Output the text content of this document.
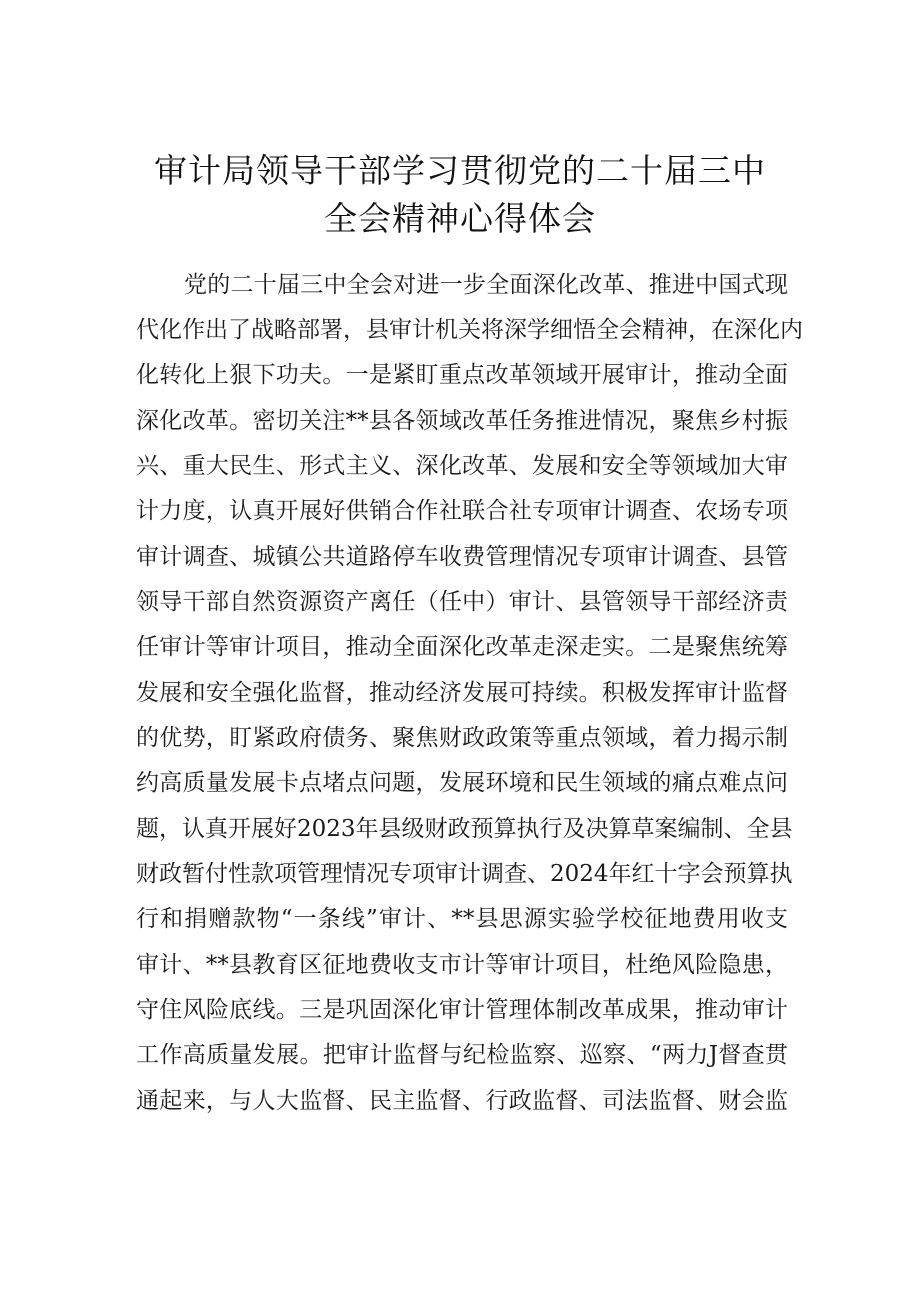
审计局领导干部学习贯彻党的二十届三中
全会精神心得体会
党的二十届三中全会对进一步全面深化改革、推进中国式现
代化作出了战略部署，县审计机关将深学细悟全会精神，在深化内
化转化上狠下功夫。一是紧盯重点改革领域开展审计，推动全面
深化改革。密切关注**县各领域改革任务推进情况，聚焦乡村振
兴、重大民生、形式主义、深化改革、发展和安全等领域加大审
计力度，认真开展好供销合作社联合社专项审计调查、农场专项
审计调查、城镇公共道路停车收费管理情况专项审计调查、县管
领导干部自然资源资产离任（任中）审计、县管领导干部经济责
任审计等审计项目，推动全面深化改革走深走实。二是聚焦统筹
发展和安全强化监督，推动经济发展可持续。积极发挥审计监督
的优势，盯紧政府债务、聚焦财政政策等重点领域，着力揭示制
约高质量发展卡点堵点问题，发展环境和民生领域的痛点难点问
题，认真开展好2023年县级财政预算执行及决算草案编制、全县
财政暂付性款项管理情况专项审计调查、2024年红十字会预算执
行和捐赠款物“一条线”审计、**县思源实验学校征地费用收支
审计、**县教育区征地费收支市计等审计项目，杜绝风险隐患，
守住风险底线。三是巩固深化审计管理体制改革成果，推动审计
工作高质量发展。把审计监督与纪检监察、巡察、“两力J督查贯
通起来，与人大监督、民主监督、行政监督、司法监督、财会监
